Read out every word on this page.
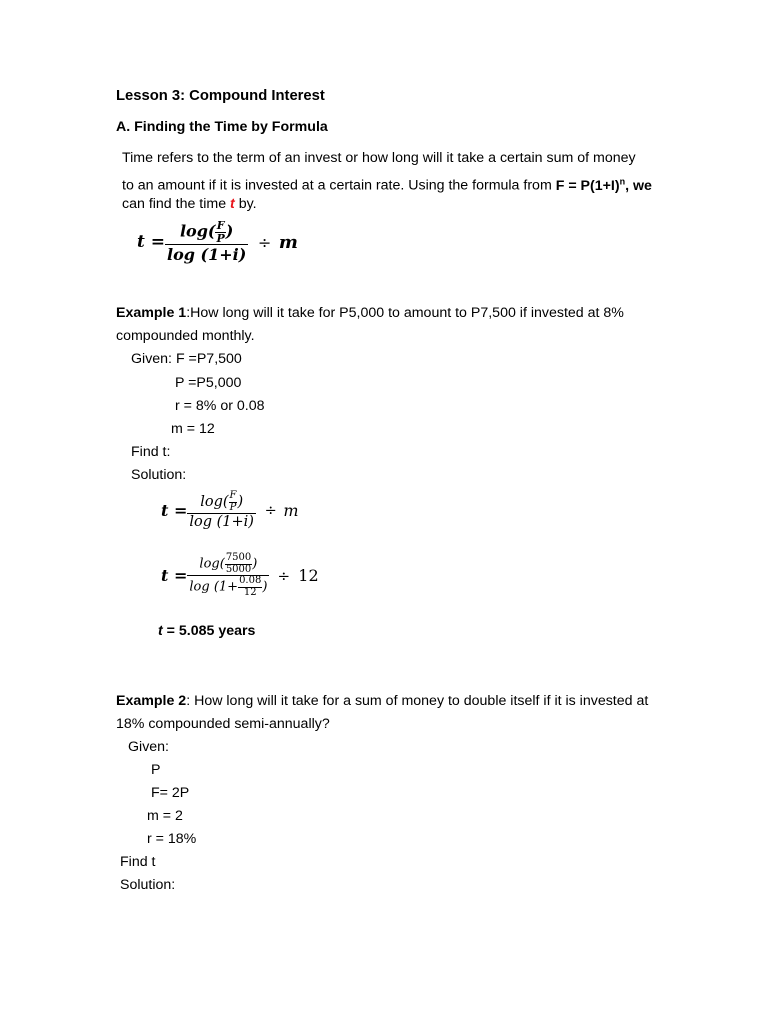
Lesson 3: Compound Interest
A. Finding the Time by Formula
Time refers to the term of an invest or how long will it take a certain sum of money
to an amount if it is invested at a certain rate. Using the formula from $F = P(1+I)^n$, we
can find the time t by.
$t = \frac{\log( \frac{F}{P} )}{\log (1+i)} \div m$
Example 1:How long will it take for P5,000 to amount to P7,500 if invested at 8%
compounded monthly.
Given: F =P7,500
P =P5,000
r = 8% or 0.08
m = 12
Find t:
Solution:
$t = \frac{\log( \frac{F}{P} )}{\log (1+i)} \div m$
$t = \frac{\log( \frac{7500}{5000} )}{\log (1+ \frac{0.08}{12} )} \div 12$
t = 5.085 years
Example 2: How long will it take for a sum of money to double itself if it is invested at
18% compounded semi-annually?
Given:
P
F= 2P
m = 2
r = 18%
Find t
Solution:
